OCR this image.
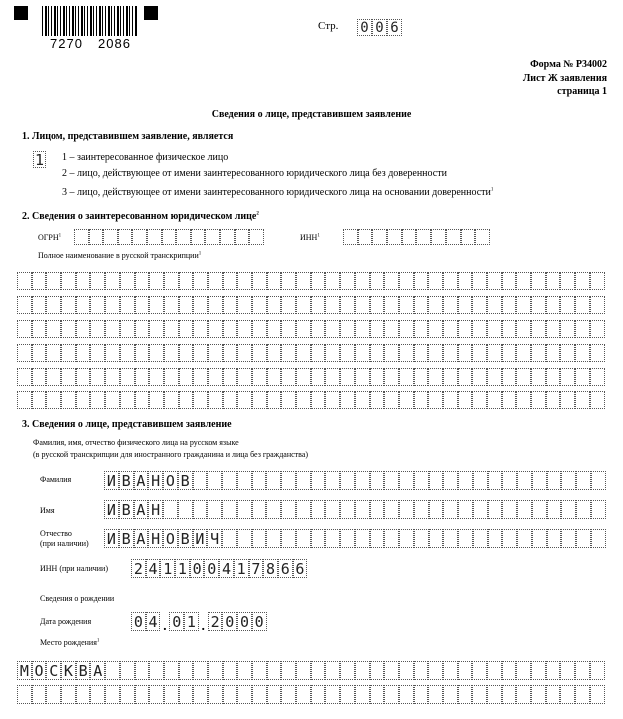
7270 2086
Стр. 0 0 6
Форма № Р34002
Лист Ж заявления
страница 1
Сведения о лице, представившем заявление
1. Лицом, представившем заявление, является
1 1 – заинтересованное физическое лицо
2 – лицо, действующее от имени заинтересованного юридического лица без доверенности
3 – лицо, действующее от имени заинтересованного юридического лица на основании доверенности$^1$
2. Сведения о заинтересованном юридическом лице$^2$
ОГРН$^1$	ИНН$^1$
Полное наименование в русской транскрипции$^1$
3. Сведения о лице, представившем заявление
Фамилия, имя, отчество физического лица на русском языке
(в русской транскрипции для иностранного гражданина и лица без гражданства)
Фамилия И В А Н О В
Имя	И В А Н
Отчество
(при наличии) И В А Н О В И Ч
ИНН (при наличии) 2 4 1 1 0 0 4 1 7 8 6 6
Сведения о рождении
Дата рождения	0 4 . 0 1 . 2 0 0 0
Место рождения$^1$
М О С К В А
